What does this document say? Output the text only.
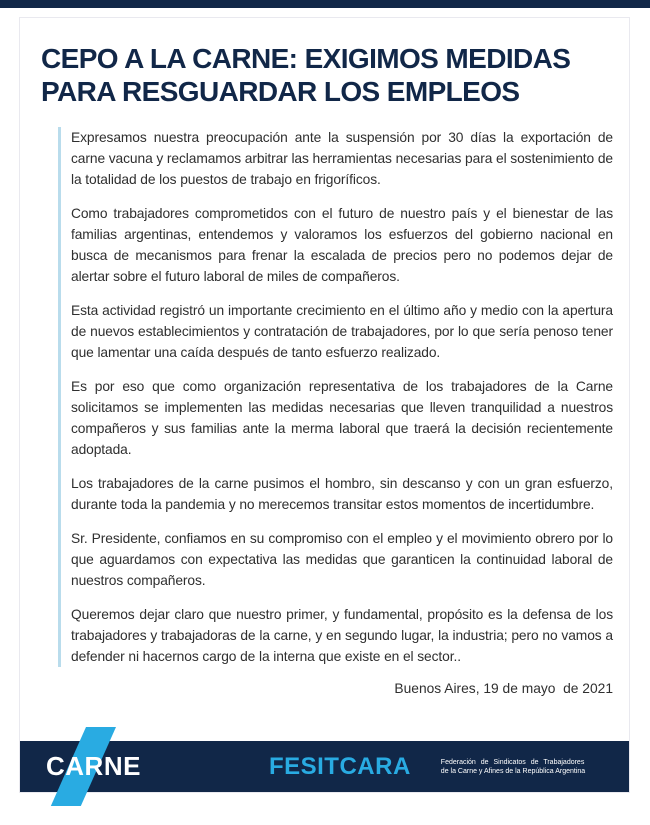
CEPO A LA CARNE: EXIGIMOS MEDIDAS
PARA RESGUARDAR LOS EMPLEOS

Expresamos nuestra preocupación ante la suspensión por 30 días la exportación de carne vacuna y reclamamos arbitrar las herramientas necesarias para el sostenimiento de la totalidad de los puestos de trabajo en frigoríficos.

Como trabajadores comprometidos con el futuro de nuestro país y el bienestar de las familias argentinas, entendemos y valoramos los esfuerzos del gobierno nacional en busca de mecanismos para frenar la escalada de precios pero no podemos dejar de alertar sobre el futuro laboral de miles de compañeros.

Esta actividad registró un importante crecimiento en el último año y medio con la apertura de nuevos establecimientos y contratación de trabajadores, por lo que sería penoso tener que lamentar una caída después de tanto esfuerzo realizado.

Es por eso que como organización representativa de los trabajadores de la Carne solicitamos se implementen las medidas necesarias que lleven tranquilidad a nuestros compañeros y sus familias ante la merma laboral que traerá la decisión recientemente adoptada.

Los trabajadores de la carne pusimos el hombro, sin descanso y con un gran esfuerzo, durante toda la pandemia y no merecemos transitar estos momentos de incertidumbre.

Sr. Presidente, confiamos en su compromiso con el empleo y el movimiento obrero por lo que aguardamos con expectativa las medidas que garanticen la continuidad laboral de nuestros compañeros.

Queremos dejar claro que nuestro primer, y fundamental, propósito es la defensa de los trabajadores y trabajadoras de la carne, y en segundo lugar, la industria; pero no vamos a defender ni hacernos cargo de la interna que existe en el sector..

Buenos Aires, 19 de mayo  de 2021
CARNE	FESITCARA	Federación de Sindicatos de Trabajadores
de la Carne y Afines de la República Argentina
